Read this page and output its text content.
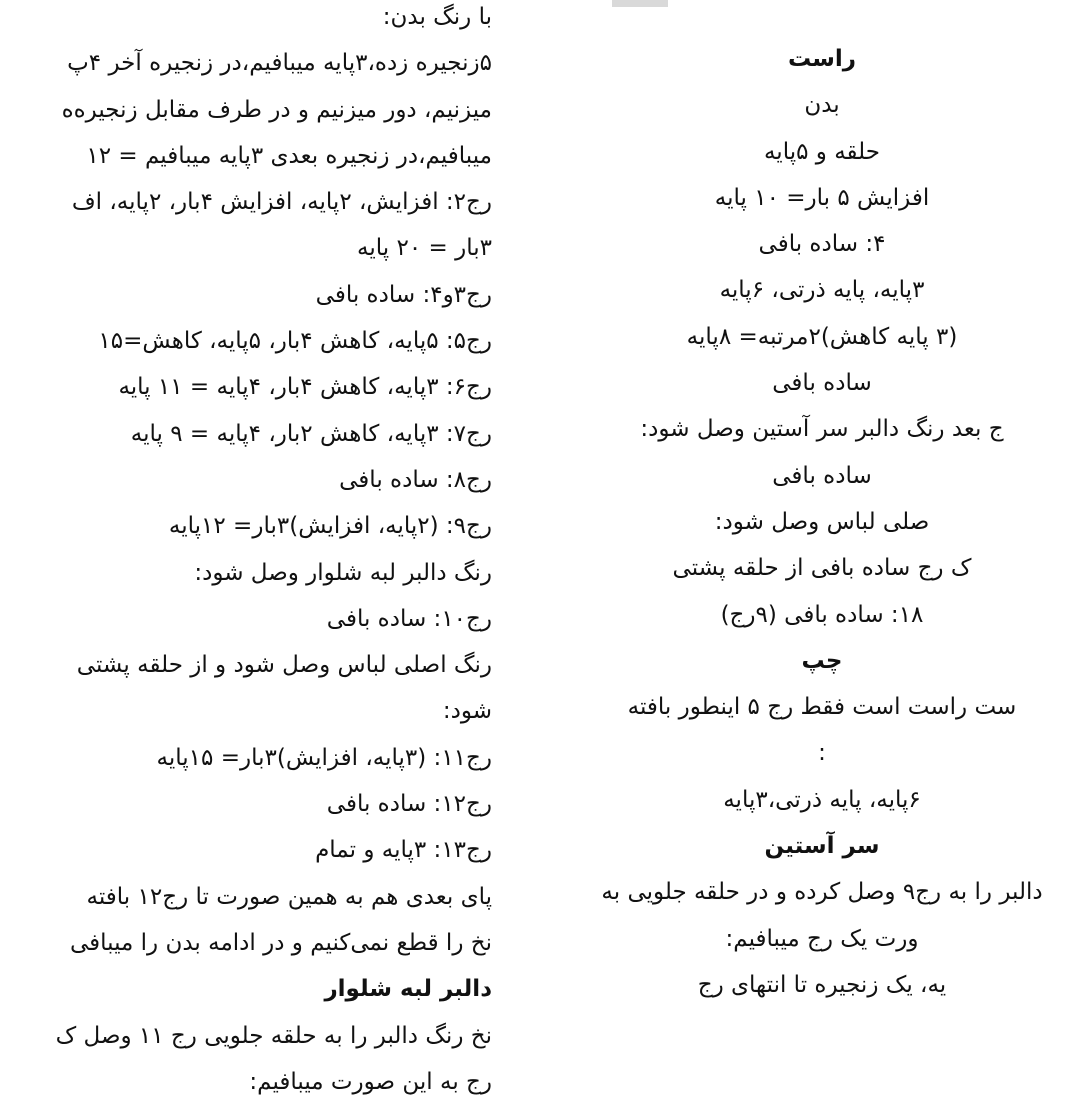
با رنگ بدن:
۵زنجیره زده،۳پایه میبافیم،در زنجیره آخر ۴پ
میزنیم، دور میزنیم و در طرف مقابل زنجیره‌ه
میبافیم،در زنجیره بعدی ۳پایه میبافیم = ۱۲
رج۲: افزایش، ۲پایه، افزایش ۴بار، ۲پایه، اف
۳بار = ۲۰ پایه
رج۳و۴: ساده بافی
رج۵: ۵پایه، کاهش ۴بار، ۵پایه، کاهش=۱۵
رج۶: ۳پایه، کاهش ۴بار، ۴پایه = ۱۱ پایه
رج۷: ۳پایه، کاهش ۲بار، ۴پایه = ۹ پایه
رج۸: ساده بافی
رج۹: (۲پایه، افزایش)۳بار= ۱۲پایه
رنگ دالبر لبه شلوار وصل شود:
رج۱۰: ساده بافی
رنگ اصلی لباس وصل شود و از حلقه پشتی
شود:
رج۱۱: (۳پایه، افزایش)۳بار= ۱۵پایه
رج۱۲: ساده بافی
رج۱۳: ۳پایه و تمام
پای بعدی هم به همین صورت تا رج۱۲ بافته
نخ را قطع نمی‌کنیم و در ادامه بدن را میبافی
دالبر لبه شلوار
نخ رنگ دالبر را به حلقه جلویی رج ۱۱ وصل ک
رج به این صورت میبافیم:
راست
بدن
حلقه و ۵پایه
افزایش ۵ بار= ۱۰ پایه
۴: ساده بافی
۳پایه، پایه ذرتی، ۶پایه
(۳ پایه کاهش)۲مرتبه= ۸پایه
ساده بافی
ج بعد رنگ دالبر سر آستین وصل شود:
ساده بافی
صلی لباس وصل شود:
ک رج ساده بافی از حلقه پشتی
۱۸: ساده بافی (۹رج)
چپ
ست راست است فقط رج ۵ اینطور بافته
:
۶پایه، پایه ذرتی،۳پایه
سر آستین
دالبر را به رج۹ وصل کرده و در حلقه جلویی به
ورت یک رج میبافیم:
یه، یک زنجیره تا انتهای رج
